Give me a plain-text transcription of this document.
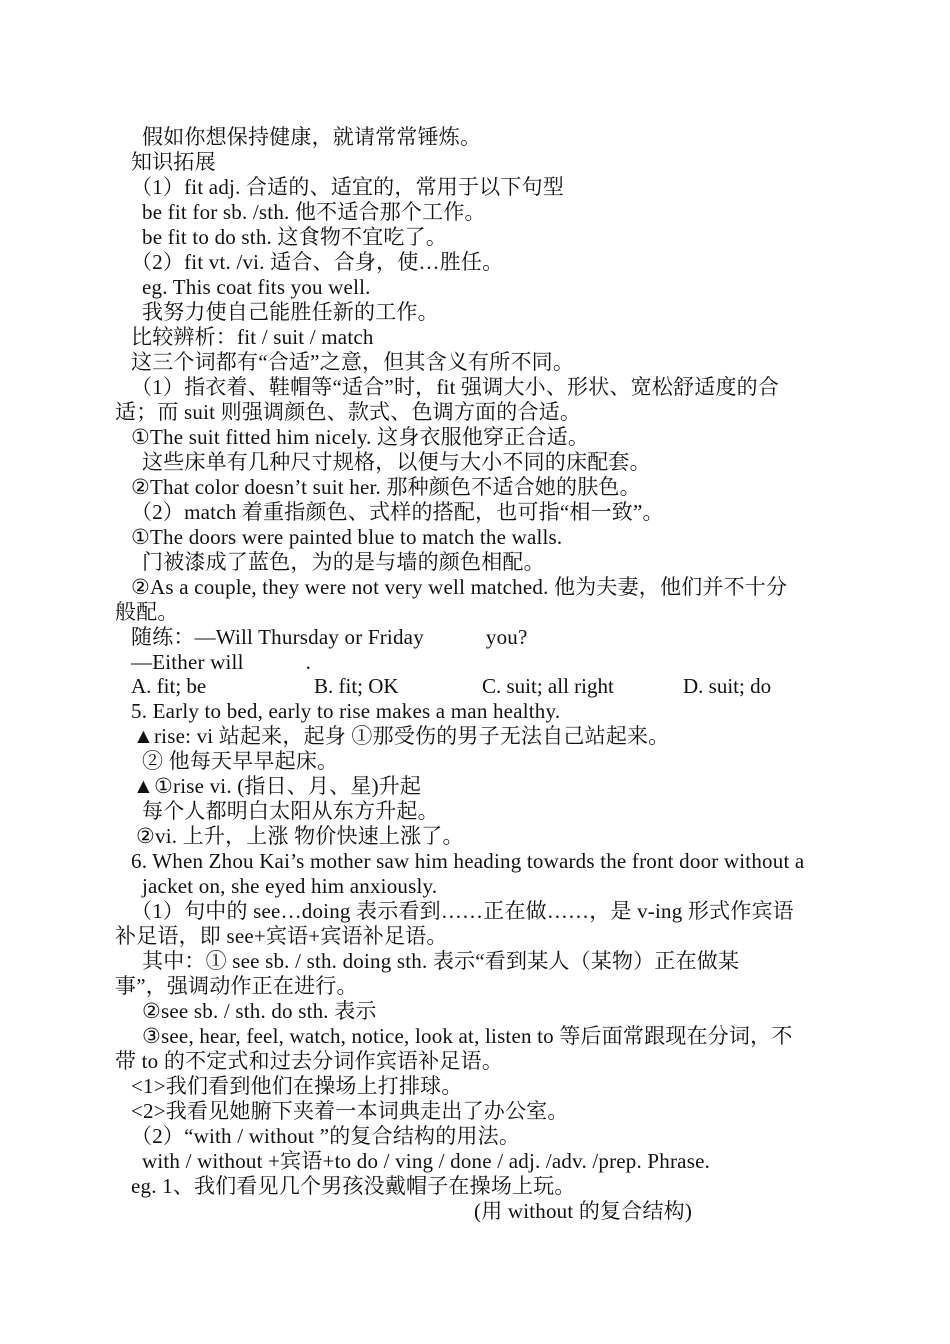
假如你想保持健康，就请常常锤炼。
知识拓展
（1）fit adj. 合适的、适宜的，常用于以下句型
be fit for sb. /sth. 他不适合那个工作。
be fit to do sth. 这食物不宜吃了。
（2）fit vt. /vi. 适合、合身，使…胜任。
eg. This coat fits you well.
我努力使自己能胜任新的工作。
比较辨析：fit / suit / match
这三个词都有“合适”之意，但其含义有所不同。
（1）指衣着、鞋帽等“适合”时，fit 强调大小、形状、宽松舒适度的合
适；而 suit 则强调颜色、款式、色调方面的合适。
①The suit fitted him nicely. 这身衣服他穿正合适。
这些床单有几种尺寸规格，以便与大小不同的床配套。
②That color doesn’t suit her. 那种颜色不适合她的肤色。
（2）match 着重指颜色、式样的搭配，也可指“相一致”。
①The doors were painted blue to match the walls.
门被漆成了蓝色，为的是与墙的颜色相配。
②As a couple, they were not very well matched. 他为夫妻，他们并不十分
般配。
随练：—Will Thursday or Friday	you?
—Either will	.
A. fit; be	B. fit; OK	C. suit; all right	D. suit; do
5. Early to bed, early to rise makes a man healthy.
▲rise: vi 站起来，起身 ①那受伤的男子无法自己站起来。
② 他每天早早起床。
▲①rise vi. (指日、月、星)升起
每个人都明白太阳从东方升起。
②vi. 上升，上涨 物价快速上涨了。
6. When Zhou Kai’s mother saw him heading towards the front door without a
jacket on, she eyed him anxiously.
（1）句中的 see…doing 表示看到……正在做……，是 v-ing 形式作宾语
补足语，即 see+宾语+宾语补足语。
其中：① see sb. / sth. doing sth. 表示“看到某人（某物）正在做某
事”，强调动作正在进行。
②see sb. / sth. do sth. 表示
③see, hear, feel, watch, notice, look at, listen to 等后面常跟现在分词，不
带 to 的不定式和过去分词作宾语补足语。
<1>我们看到他们在操场上打排球。
<2>我看见她腑下夹着一本词典走出了办公室。
（2）“with / without ”的复合结构的用法。
with / without +宾语+to do / ving / done / adj. /adv. /prep. Phrase.
eg. 1、我们看见几个男孩没戴帽子在操场上玩。
(用 without 的复合结构)
